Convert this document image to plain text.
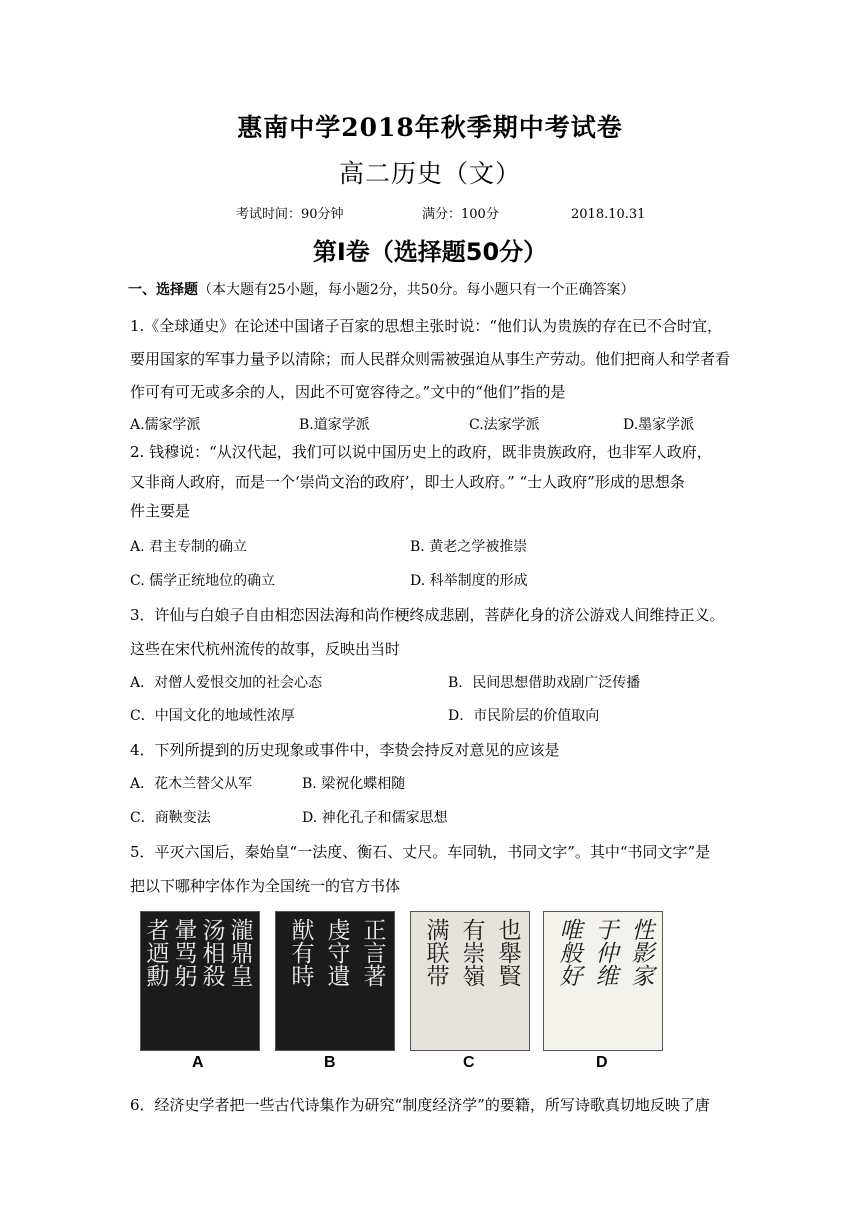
惠南中学2018年秋季期中考试卷
高二历史（文）
考试时间：90分钟	满分：100分	2018.10.31
第Ⅰ卷（选择题50分）
一、选择题（本大题有25小题，每小题2分，共50分。每小题只有一个正确答案）
1.《全球通史》在论述中国诸子百家的思想主张时说：“他们认为贵族的存在已不合时宜，
要用国家的军事力量予以清除；而人民群众则需被强迫从事生产劳动。他们把商人和学者看
作可有可无或多余的人，因此不可宽容待之。”文中的“他们”指的是
A.儒家学派	B.道家学派	C.法家学派	D.墨家学派
2. 钱穆说：“从汉代起，我们可以说中国历史上的政府，既非贵族政府，也非军人政府，
又非商人政府，而是一个‘崇尚文治的政府’，即士人政府。” “士人政府”形成的思想条
件主要是
A. 君主专制的确立	B. 黄老之学被推崇
C. 儒学正统地位的确立	D. 科举制度的形成
3．许仙与白娘子自由相恋因法海和尚作梗终成悲剧，菩萨化身的济公游戏人间维持正义。
这些在宋代杭州流传的故事，反映出当时
A．对僧人爱恨交加的社会心态	B．民间思想借助戏剧广泛传播
C．中国文化的地域性浓厚	D．市民阶层的价值取向
4．下列所提到的历史现象或事件中，李贽会持反对意见的应该是
A．花木兰替父从军	B. 梁祝化蝶相随
C．商鞅变法	D. 神化孔子和儒家思想
5．平灭六国后，秦始皇“一法度、衡石、丈尺。车同轨，书同文字”。其中“书同文字”是
把以下哪种字体作为全国统一的官方书体
瀧鼎皇
汤相殺
暈骂躬
者迺勳	正言著
虔守遺
猷有時	也舉賢
有崇嶺
满联带	性影家
于仲维
唯般好
A	B	C	D
6．经济史学者把一些古代诗集作为研究“制度经济学”的要籍，所写诗歌真切地反映了唐
